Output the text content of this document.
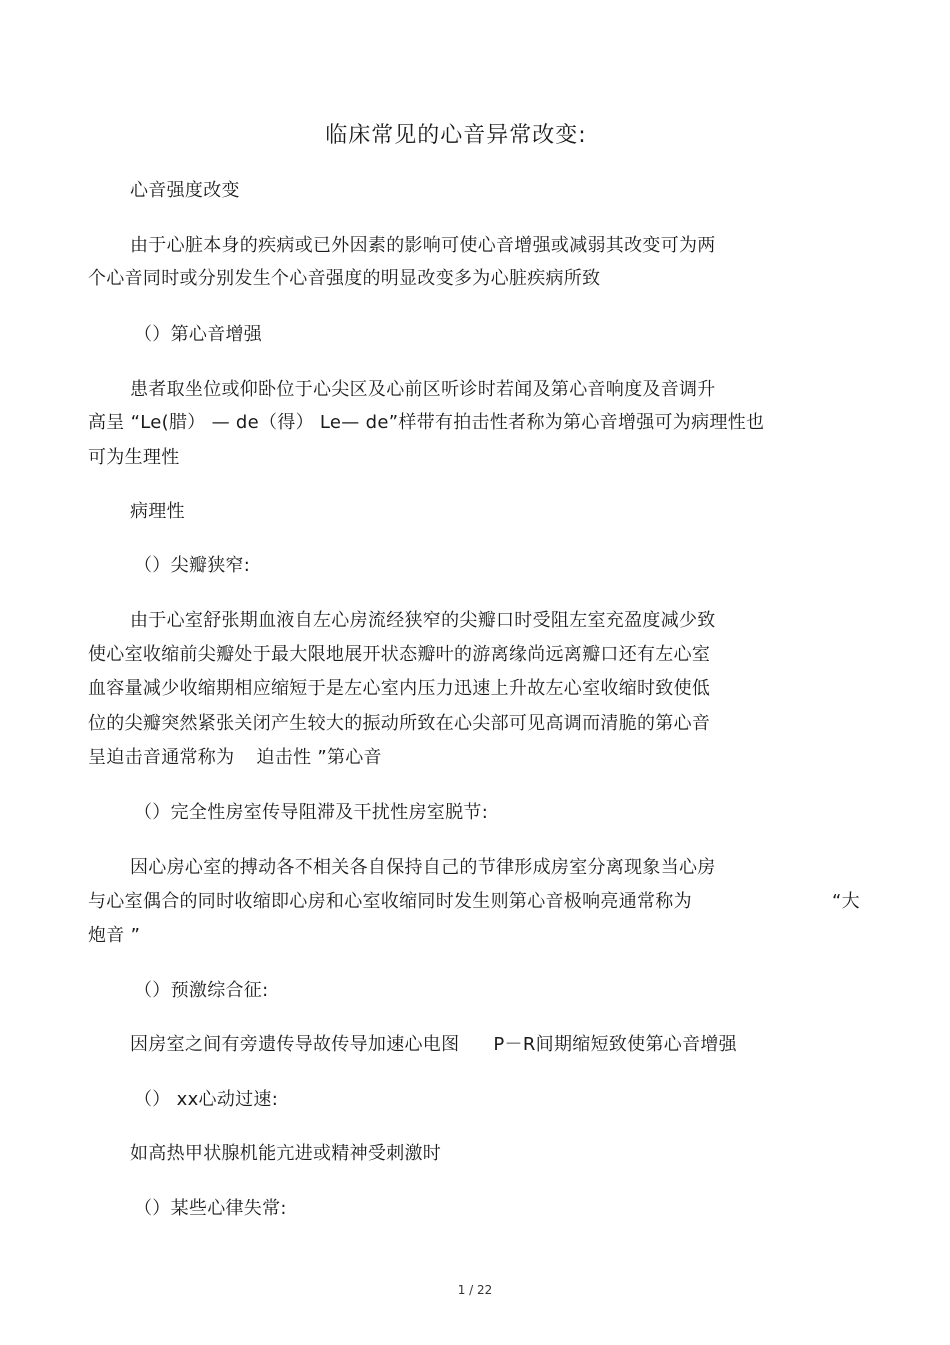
临床常见的心音异常改变:
心音强度改变
由于心脏本身的疾病或已外因素的影响可使心音增强或减弱其改变可为两
个心音同时或分别发生个心音强度的明显改变多为心脏疾病所致
（）第心音增强
患者取坐位或仰卧位于心尖区及心前区听诊时若闻及第心音响度及音调升
高呈 “Le(腊） — de（得） Le— de”样带有拍击性者称为第心音增强可为病理性也
可为生理性
病理性
（）尖瓣狭窄:
由于心室舒张期血液自左心房流经狭窄的尖瓣口时受阻左室充盈度减少致
使心室收缩前尖瓣处于最大限地展开状态瓣叶的游离缘尚远离瓣口还有左心室
血容量减少收缩期相应缩短于是左心室内压力迅速上升故左心室收缩时致使低
位的尖瓣突然紧张关闭产生较大的振动所致在心尖部可见高调而清脆的第心音
呈迫击音通常称为 迫击性 ”第心音
（）完全性房室传导阻滞及干扰性房室脱节:
因心房心室的搏动各不相关各自保持自己的节律形成房室分离现象当心房
与心室偶合的同时收缩即心房和心室收缩同时发生则第心音极响亮通常称为	“大
炮音 ”
（）预激综合征:
因房室之间有旁遗传导故传导加速心电图 P－R间期缩短致使第心音增强
（） xx心动过速:
如高热甲状腺机能亢进或精神受刺激时
（）某些心律失常:
1 / 22
